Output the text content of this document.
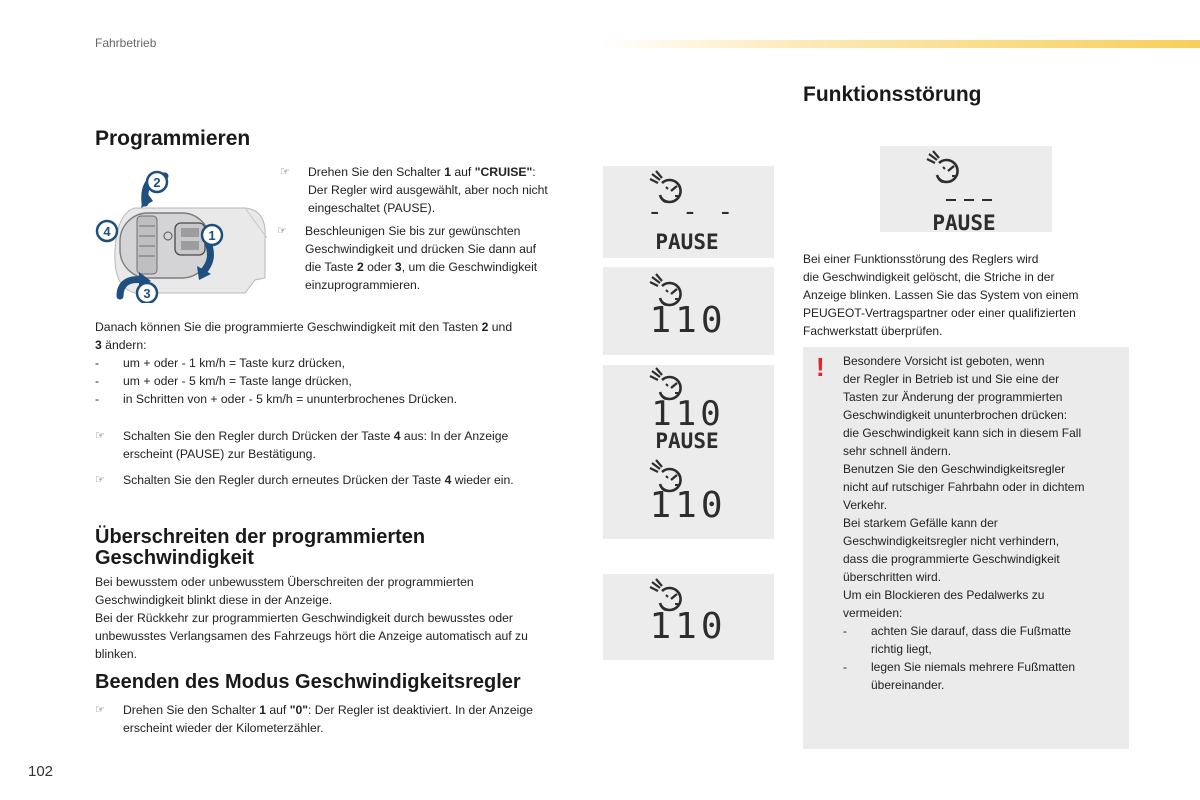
Fahrbetrieb
Programmieren
2
1
3
4
☞ Drehen Sie den Schalter 1 auf "CRUISE":
Der Regler wird ausgewählt, aber noch nicht
eingeschaltet (PAUSE).
☞ Beschleunigen Sie bis zur gewünschten
Geschwindigkeit und drücken Sie dann auf
die Taste 2 oder 3, um die Geschwindigkeit
einzuprogrammieren.
Danach können Sie die programmierte Geschwindigkeit mit den Tasten 2 und
3 ändern:
- um + oder - 1 km/h = Taste kurz drücken,
- um + oder - 5 km/h = Taste lange drücken,
- in Schritten von + oder - 5 km/h = ununterbrochenes Drücken.
☞ Schalten Sie den Regler durch Drücken der Taste 4 aus: In der Anzeige
erscheint (PAUSE) zur Bestätigung.
☞ Schalten Sie den Regler durch erneutes Drücken der Taste 4 wieder ein.
Überschreiten der programmierten
Geschwindigkeit
Bei bewusstem oder unbewusstem Überschreiten der programmierten
Geschwindigkeit blinkt diese in der Anzeige.
Bei der Rückkehr zur programmierten Geschwindigkeit durch bewusstes oder
unbewusstes Verlangsamen des Fahrzeugs hört die Anzeige automatisch auf zu
blinken.
Beenden des Modus Geschwindigkeitsregler
☞ Drehen Sie den Schalter 1 auf "0": Der Regler ist deaktiviert. In der Anzeige
erscheint wieder der Kilometerzähler.
- - -
PAUSE
110
110
PAUSE
110
110
Funktionsstörung
PAUSE
Bei einer Funktionsstörung des Reglers wird
die Geschwindigkeit gelöscht, die Striche in der
Anzeige blinken. Lassen Sie das System von einem
PEUGEOT-Vertragspartner oder einer qualifizierten
Fachwerkstatt überprüfen.
! Besondere Vorsicht ist geboten, wenn
der Regler in Betrieb ist und Sie eine der
Tasten zur Änderung der programmierten
Geschwindigkeit ununterbrochen drücken:
die Geschwindigkeit kann sich in diesem Fall
sehr schnell ändern.
Benutzen Sie den Geschwindigkeitsregler
nicht auf rutschiger Fahrbahn oder in dichtem
Verkehr.
Bei starkem Gefälle kann der
Geschwindigkeitsregler nicht verhindern,
dass die programmierte Geschwindigkeit
überschritten wird.
Um ein Blockieren des Pedalwerks zu
vermeiden:
- achten Sie darauf, dass die Fußmatte
richtig liegt,
- legen Sie niemals mehrere Fußmatten
übereinander.
102
